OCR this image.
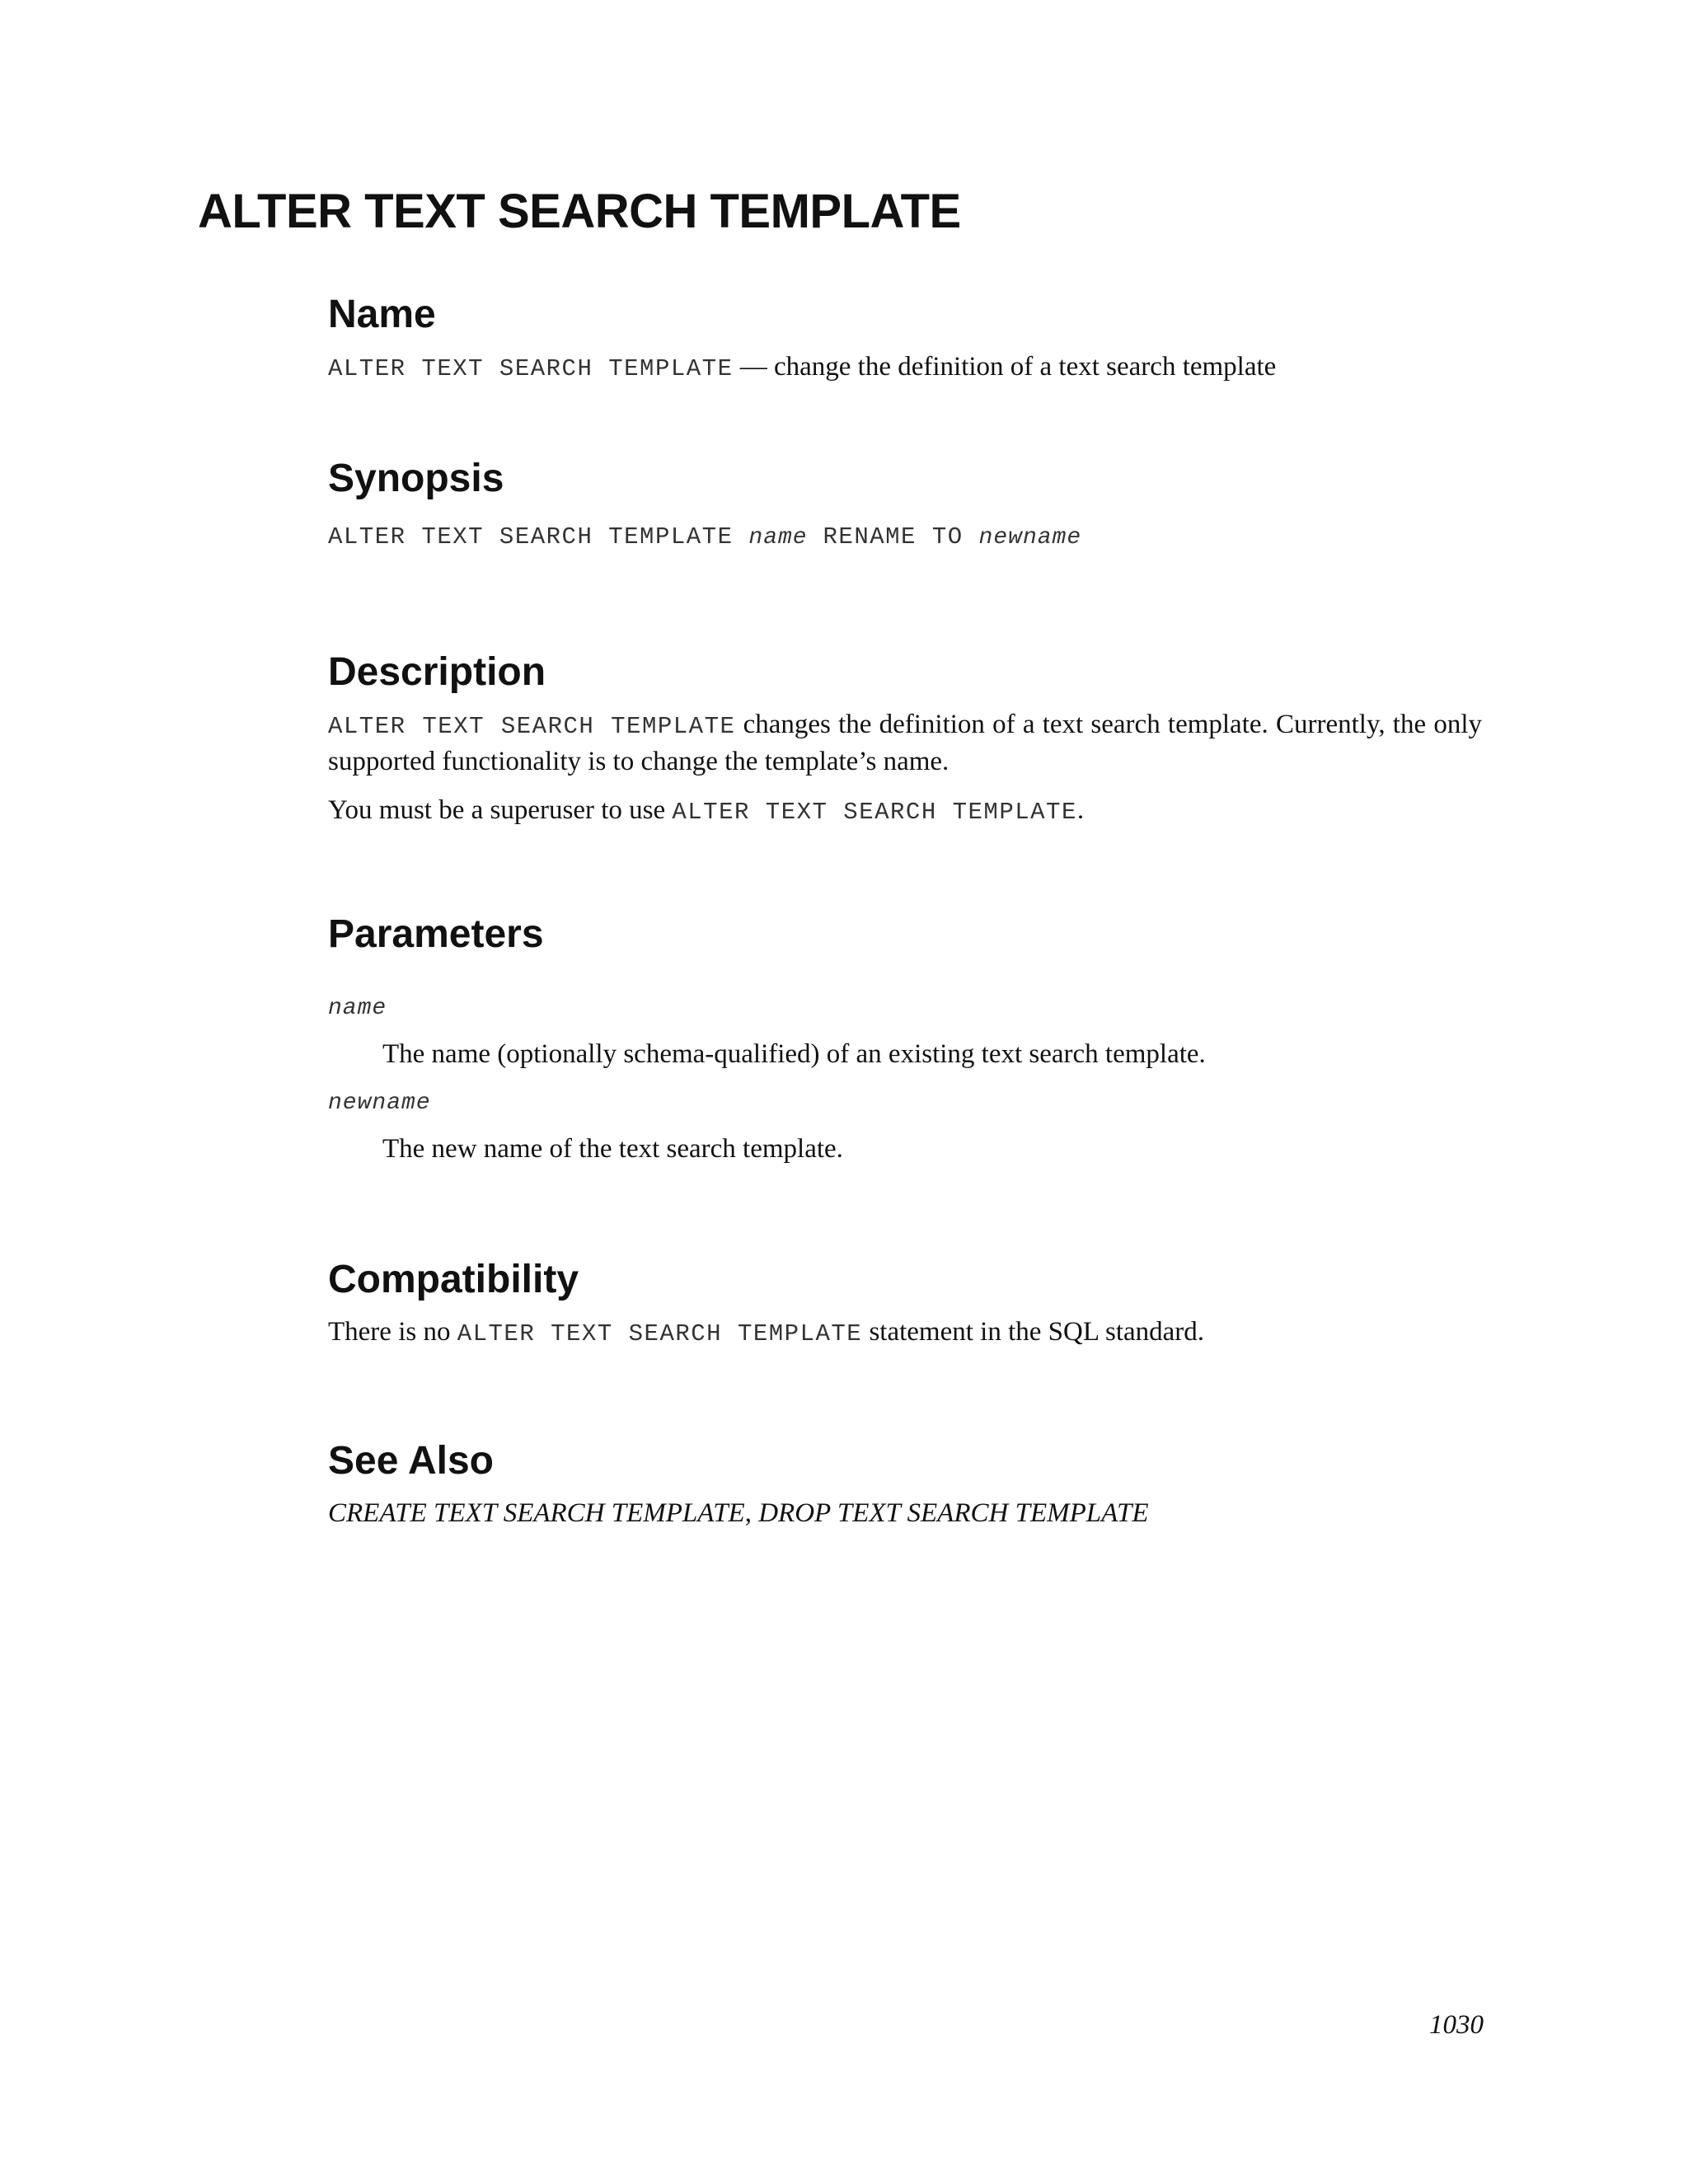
ALTER TEXT SEARCH TEMPLATE
Name

ALTER TEXT SEARCH TEMPLATE — change the definition of a text search template

Synopsis

ALTER TEXT SEARCH TEMPLATE name RENAME TO newname

Description

ALTER TEXT SEARCH TEMPLATE changes the definition of a text search template. Currently, the only supported functionality is to change the template’s name.

You must be a superuser to use ALTER TEXT SEARCH TEMPLATE.

Parameters

name

The name (optionally schema-qualified) of an existing text search template.

newname

The new name of the text search template.

Compatibility

There is no ALTER TEXT SEARCH TEMPLATE statement in the SQL standard.

See Also

CREATE TEXT SEARCH TEMPLATE, DROP TEXT SEARCH TEMPLATE

1030
